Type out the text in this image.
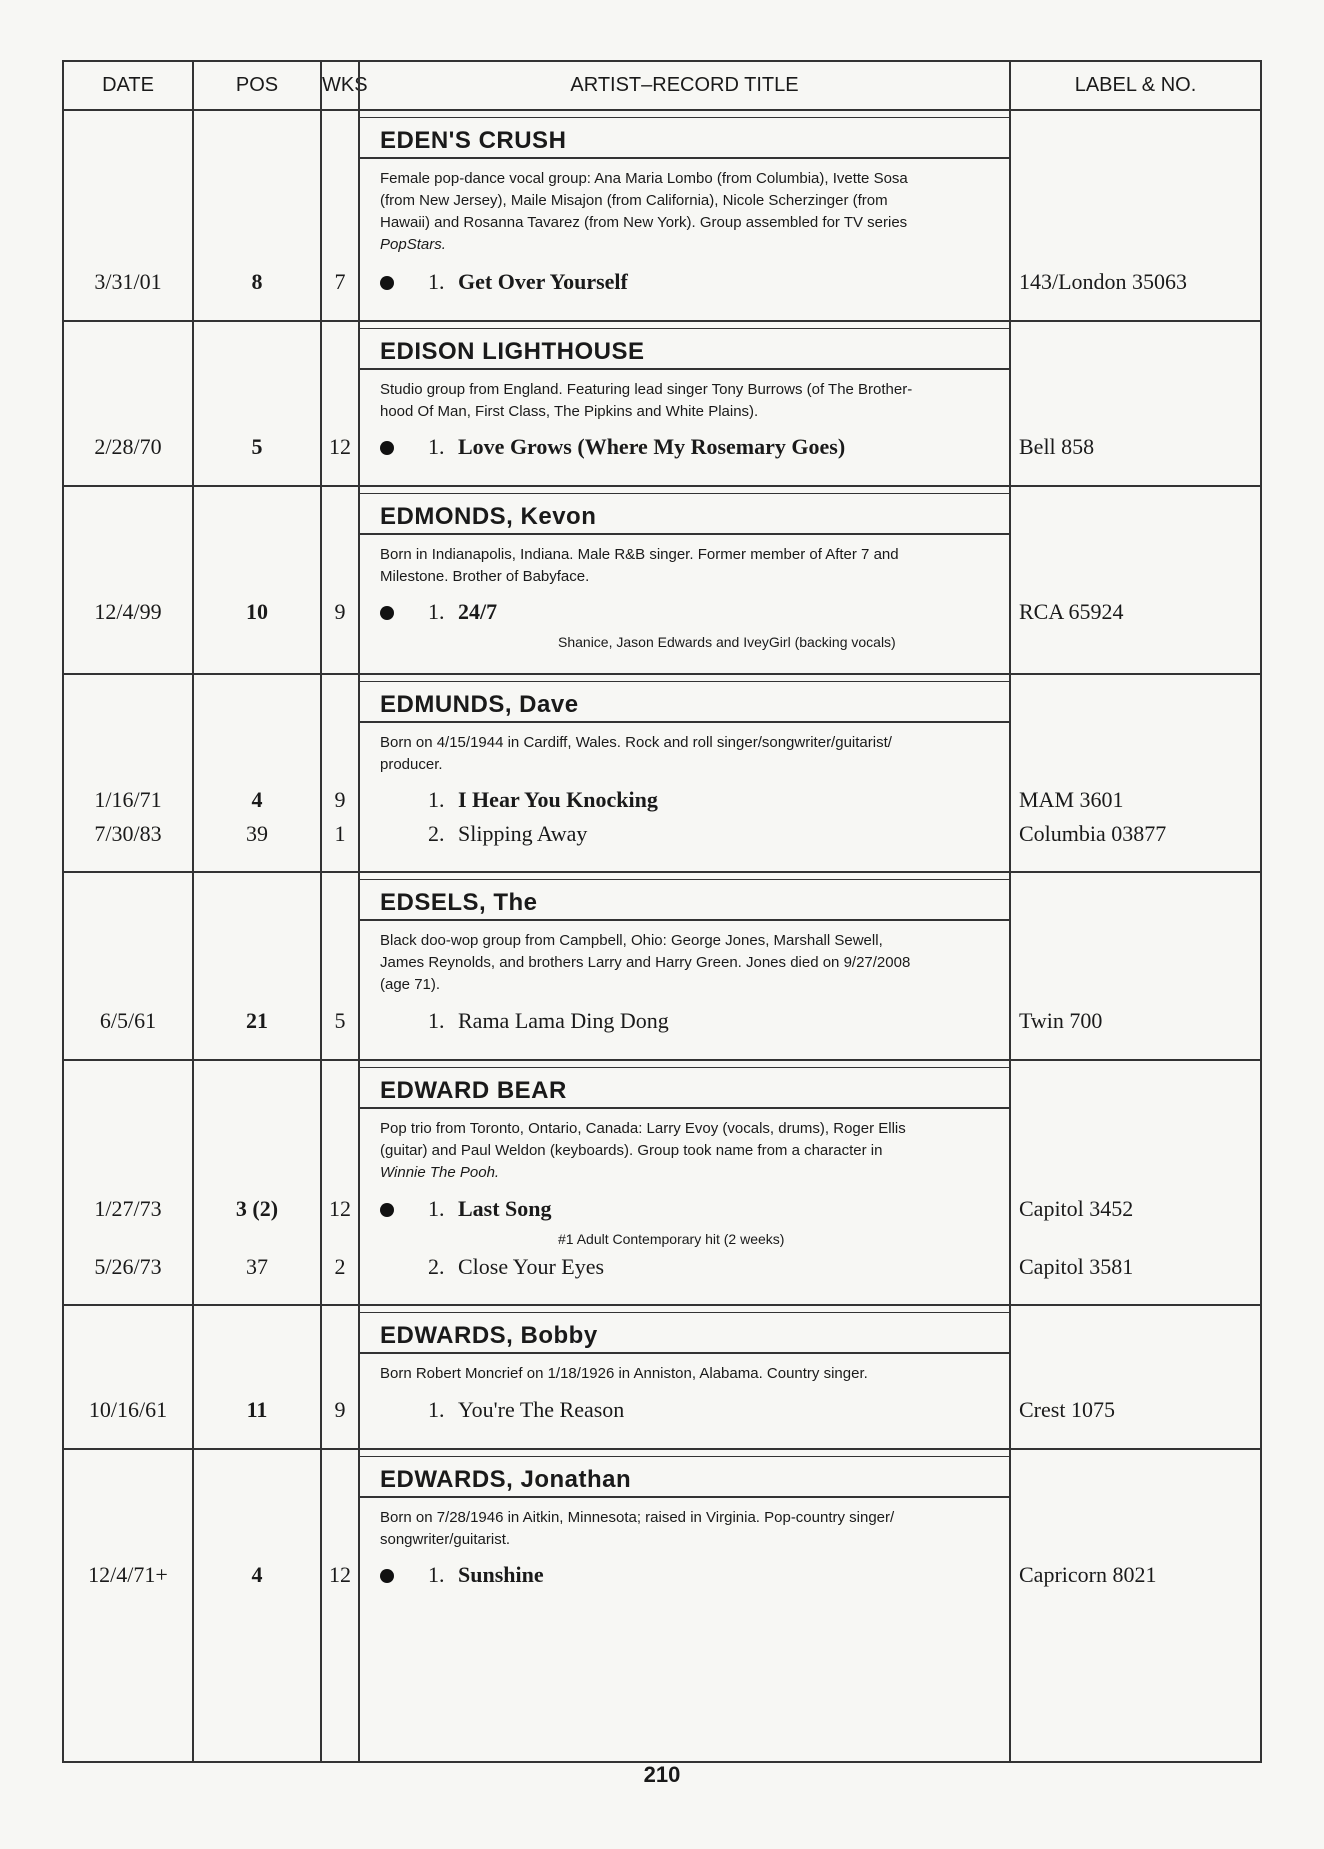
DATE	POS	WKS	ARTIST–RECORD TITLE	LABEL & NO.
EDEN'S CRUSH
Female pop-dance vocal group: Ana Maria Lombo (from Columbia), Ivette Sosa
(from New Jersey), Maile Misajon (from California), Nicole Scherzinger (from
Hawaii) and Rosanna Tavarez (from New York). Group assembled for TV series
PopStars.
3/31/01	8	7	1. Get Over Yourself	143/London 35063
EDISON LIGHTHOUSE
Studio group from England. Featuring lead singer Tony Burrows (of The Brother-
hood Of Man, First Class, The Pipkins and White Plains).
2/28/70	5	12	1. Love Grows (Where My Rosemary Goes)	Bell 858
EDMONDS, Kevon
Born in Indianapolis, Indiana. Male R&B singer. Former member of After 7 and
Milestone. Brother of Babyface.
12/4/99	10	9	1. 24/7	RCA 65924
Shanice, Jason Edwards and IveyGirl (backing vocals)
EDMUNDS, Dave
Born on 4/15/1944 in Cardiff, Wales. Rock and roll singer/songwriter/guitarist/
producer.
1/16/71	4	9	1. I Hear You Knocking	MAM 3601
7/30/83	39	1	2. Slipping Away	Columbia 03877
EDSELS, The
Black doo-wop group from Campbell, Ohio: George Jones, Marshall Sewell,
James Reynolds, and brothers Larry and Harry Green. Jones died on 9/27/2008
(age 71).
6/5/61	21	5	1. Rama Lama Ding Dong	Twin 700
EDWARD BEAR
Pop trio from Toronto, Ontario, Canada: Larry Evoy (vocals, drums), Roger Ellis
(guitar) and Paul Weldon (keyboards). Group took name from a character in
Winnie The Pooh.
1/27/73	3 (2)	12	1. Last Song	Capitol 3452
#1 Adult Contemporary hit (2 weeks)
5/26/73	37	2	2. Close Your Eyes	Capitol 3581
EDWARDS, Bobby
Born Robert Moncrief on 1/18/1926 in Anniston, Alabama. Country singer.
10/16/61	11	9	1. You're The Reason	Crest 1075
EDWARDS, Jonathan
Born on 7/28/1946 in Aitkin, Minnesota; raised in Virginia. Pop-country singer/
songwriter/guitarist.
12/4/71+	4	12	1. Sunshine	Capricorn 8021
210
